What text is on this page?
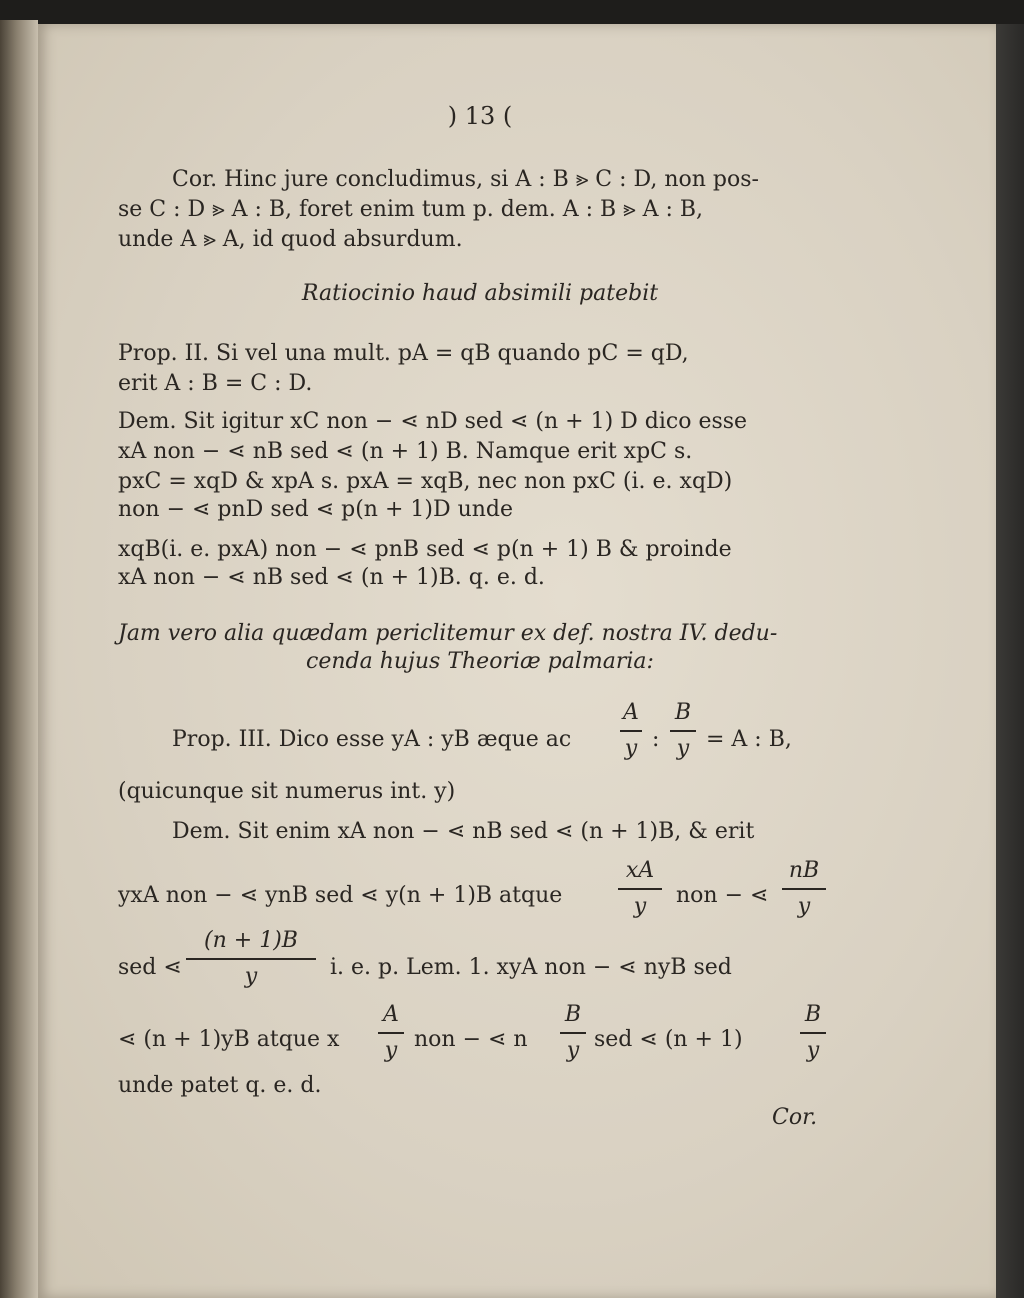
) 13 (
Cor. Hinc jure concludimus, si A : B ⪢ C : D, non pos-
se C : D ⪢ A : B, foret enim tum p. dem. A : B ⪢ A : B,
unde A ⪢ A, id quod absurdum.
Ratiocinio haud absimili patebit
Prop. II. Si vel una mult. pA = qB quando pC = qD,
erit A : B = C : D.
Dem. Sit igitur xC non − ⋖ nD sed ⋖ (n + 1) D dico esse
xA non − ⋖ nB sed ⋖ (n + 1) B. Namque erit xpC s.
pxC = xqD & xpA s. pxA = xqB, nec non pxC (i. e. xqD)
non − ⋖ pnD sed ⋖ p(n + 1)D unde
xqB(i. e. pxA) non − ⋖ pnB sed ⋖ p(n + 1) B & proinde
xA non − ⋖ nB sed ⋖ (n + 1)B. q. e. d.
Jam vero alia quædam periclitemur ex def. nostra IV. dedu-
cenda hujus Theoriæ palmaria:
Prop. III. Dico esse yA : yB æque ac
A
y :
B
y = A : B,
(quicunque sit numerus int. y)
Dem. Sit enim xA non − ⋖ nB sed ⋖ (n + 1)B, & erit
yxA non − ⋖ ynB sed ⋖ y(n + 1)B atque
xA
y	non − ⋖
nB
y
sed ⋖
(n + 1)B
y	i. e. p. Lem. 1. xyA non − ⋖ nyB sed
⋖ (n + 1)yB atque x
A
y non − ⋖ n
B
y sed ⋖ (n + 1)
B
y
unde patet q. e. d.
Cor.
